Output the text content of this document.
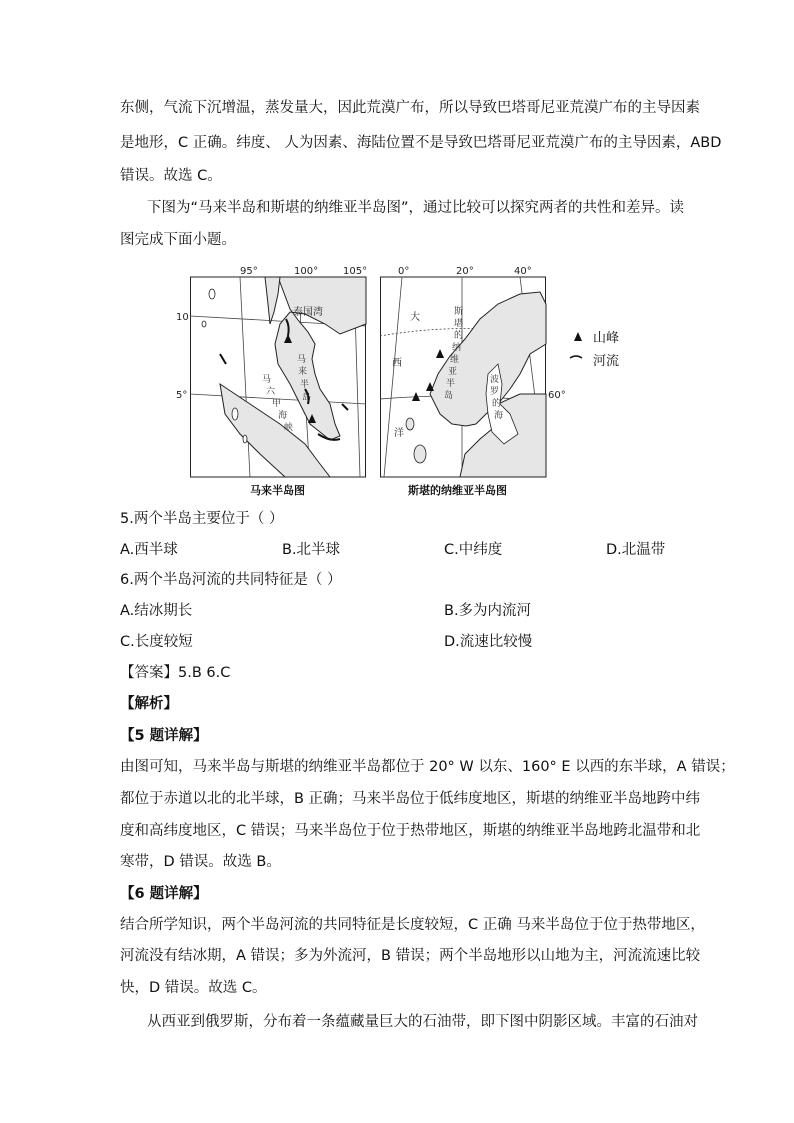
东侧，气流下沉增温，蒸发量大，因此荒漠广布，所以导致巴塔哥尼亚荒漠广布的主导因素
是地形，C 正确。纬度、 人为因素、海陆位置不是导致巴塔哥尼亚荒漠广布的主导因素，ABD
错误。故选 C。
下图为“马来半岛和斯堪的纳维亚半岛图”，通过比较可以探究两者的共性和差异。读
图完成下面小题。
95°	100° 105°
10
5°
泰国湾
马
来
半
岛
马
六
甲
海
峡
马来半岛图
0°	20°	40°
60°
大
西
洋
斯
堪
的
纳
维
亚
半
岛
波
罗
的
海
山峰
河流
斯堪的纳维亚半岛图
5.两个半岛主要位于（ ）
A.西半球	B.北半球	C.中纬度	D.北温带
6.两个半岛河流的共同特征是（ ）
A.结冰期长	B.多为内流河
C.长度较短	D.流速比较慢
【答案】5.B 6.C
【解析】
【5 题详解】
由图可知，马来半岛与斯堪的纳维亚半岛都位于 20° W 以东、160° E 以西的东半球，A 错误；
都位于赤道以北的北半球，B 正确；马来半岛位于低纬度地区，斯堪的纳维亚半岛地跨中纬
度和高纬度地区，C 错误；马来半岛位于位于热带地区，斯堪的纳维亚半岛地跨北温带和北
寒带，D 错误。故选 B。
【6 题详解】
结合所学知识，两个半岛河流的共同特征是长度较短，C 正确 马来半岛位于位于热带地区，
河流没有结冰期，A 错误；多为外流河，B 错误；两个半岛地形以山地为主，河流流速比较
快，D 错误。故选 C。
从西亚到俄罗斯，分布着一条蕴藏量巨大的石油带，即下图中阴影区域。丰富的石油对
